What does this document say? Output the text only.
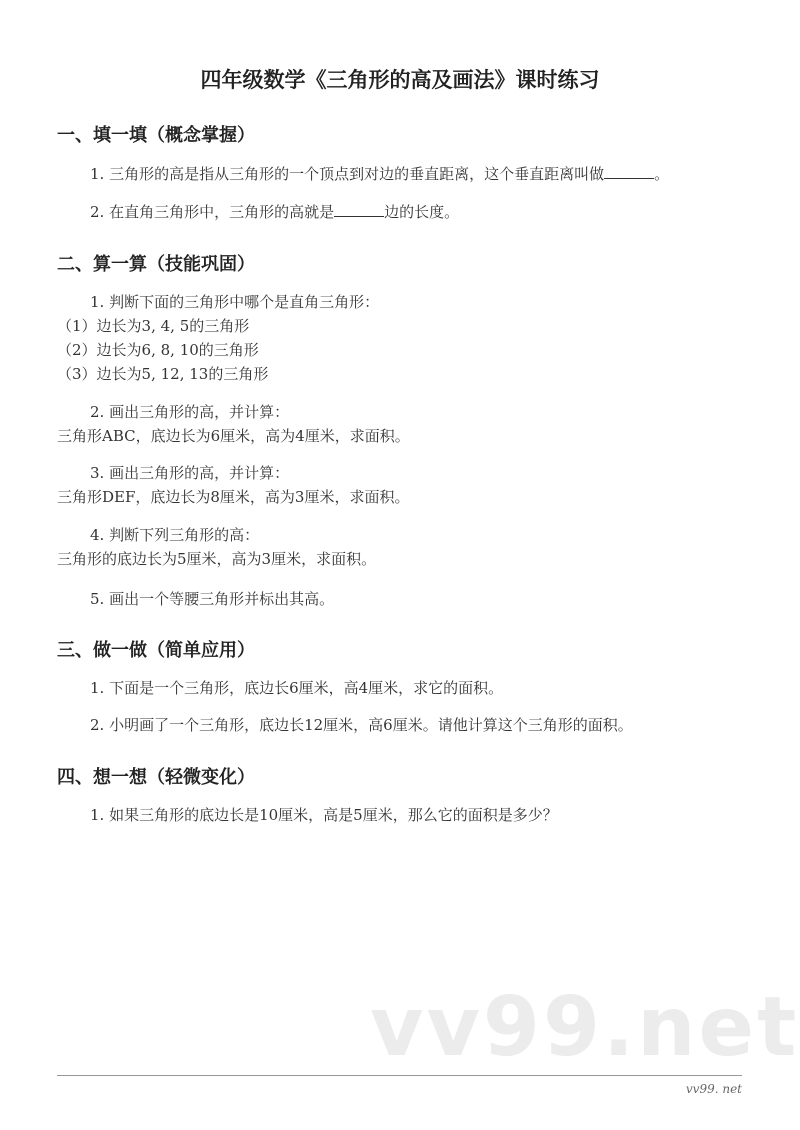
四年级数学《三角形的高及画法》课时练习
一、填一填（概念掌握）
1. 三角形的高是指从三角形的一个顶点到对边的垂直距离，这个垂直距离叫做	。
2. 在直角三角形中，三角形的高就是	边的长度。
二、算一算（技能巩固）
1. 判断下面的三角形中哪个是直角三角形：
（1）边长为3, 4, 5的三角形
（2）边长为6, 8, 10的三角形
（3）边长为5, 12, 13的三角形
2. 画出三角形的高，并计算：
三角形ABC，底边长为6厘米，高为4厘米，求面积。
3. 画出三角形的高，并计算：
三角形DEF，底边长为8厘米，高为3厘米，求面积。
4. 判断下列三角形的高：
三角形的底边长为5厘米，高为3厘米，求面积。
5. 画出一个等腰三角形并标出其高。
三、做一做（简单应用）
1. 下面是一个三角形，底边长6厘米，高4厘米，求它的面积。
2. 小明画了一个三角形，底边长12厘米，高6厘米。请他计算这个三角形的面积。
四、想一想（轻微变化）
1. 如果三角形的底边长是10厘米，高是5厘米，那么它的面积是多少？
vv99.net
vv99. net
